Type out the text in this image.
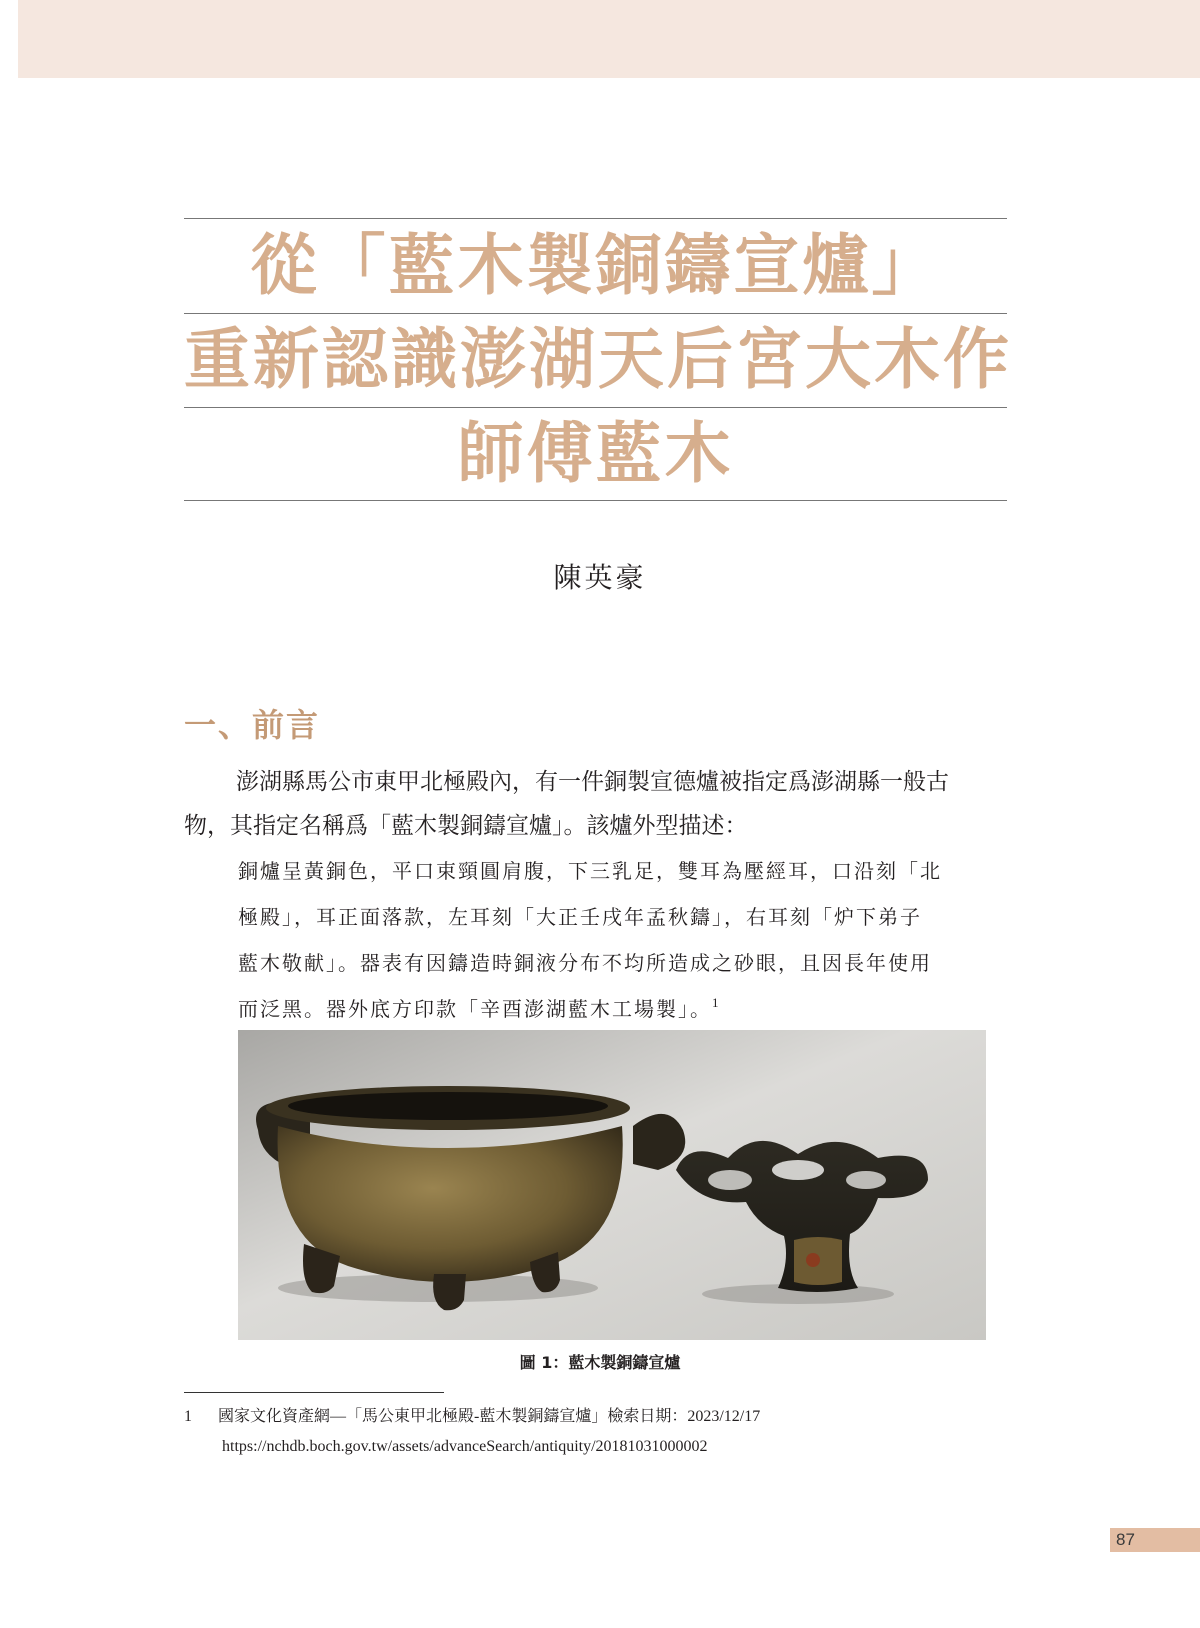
從「藍木製銅鑄宣爐」
重新認識澎湖天后宮大木作
師傅藍木
陳英豪
一、前言

澎湖縣馬公市東甲北極殿內，有一件銅製宣德爐被指定爲澎湖縣一般古

物，其指定名稱爲「藍木製銅鑄宣爐」。該爐外型描述：

銅爐呈黃銅色，平口束頸圓肩腹，下三乳足，雙耳為壓經耳，口沿刻「北

極殿」，耳正面落款，左耳刻「大正壬戌年孟秋鑄」，右耳刻「炉下弟子

藍木敬献」。器表有因鑄造時銅液分布不均所造成之砂眼，且因長年使用

而泛黑。器外底方印款「辛酉澎湖藍木工場製」。$^1$

圖 1：藍木製銅鑄宣爐
1 國家文化資產網—「馬公東甲北極殿-藍木製銅鑄宣爐」檢索日期：2023/12/17
https://nchdb.boch.gov.tw/assets/advanceSearch/antiquity/20181031000002
87
